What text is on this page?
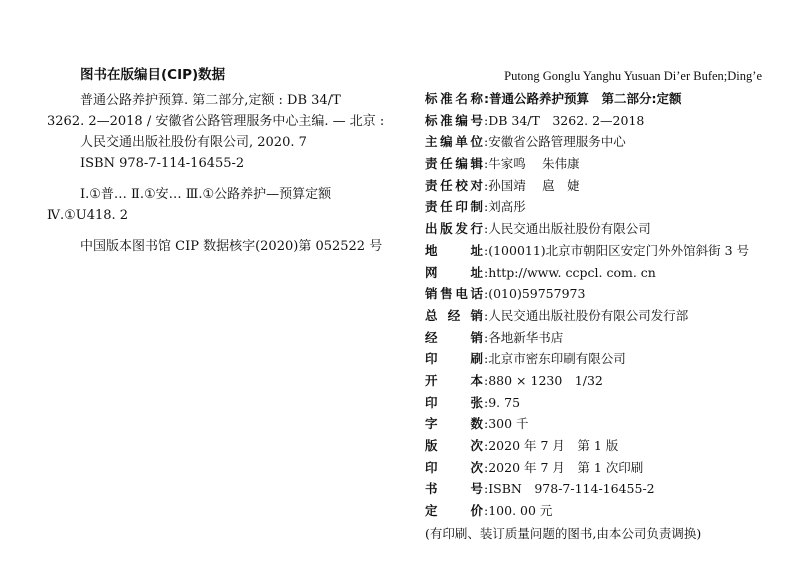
图书在版编目(CIP)数据

普通公路养护预算. 第二部分,定额 : DB 34/T

3262. 2—2018 / 安徽省公路管理服务中心主编. — 北京 :

人民交通出版社股份有限公司, 2020. 7

ISBN 978-7-114-16455-2

Ⅰ.①普… Ⅱ.①安… Ⅲ.①公路养护—预算定额

Ⅳ.①U418. 2

中国版本图书馆 CIP 数据核字(2020)第 052522 号

Putong Gonglu Yanghu Yusuan Di’er Bufen;Ding’e
标准名称 :普通公路养护预算　第二部分:定额
标准编号 :DB 34/T　3262. 2—2018
主编单位 :安徽省公路管理服务中心
责任编辑 :牛家鸣　 朱伟康
责任校对 :孙国靖　 扈　婕
责任印制 :刘高彤
出版发行 :人民交通出版社股份有限公司
地　　址 :(100011)北京市朝阳区安定门外外馆斜街 3 号
网　　址 :http://www. ccpcl. com. cn
销售电话 :(010)59757973
总 经 销 :人民交通出版社股份有限公司发行部
经　　销 :各地新华书店
印　　刷 :北京市密东印刷有限公司
开　　本 :880 × 1230　1/32
印　　张 :9. 75
字　　数 :300 千
版　　次 :2020 年 7 月　第 1 版
印　　次 :2020 年 7 月　第 1 次印刷
书　　号 :ISBN　978-7-114-16455-2
定　　价 :100. 00 元
(有印刷、装订质量问题的图书,由本公司负责调换)
